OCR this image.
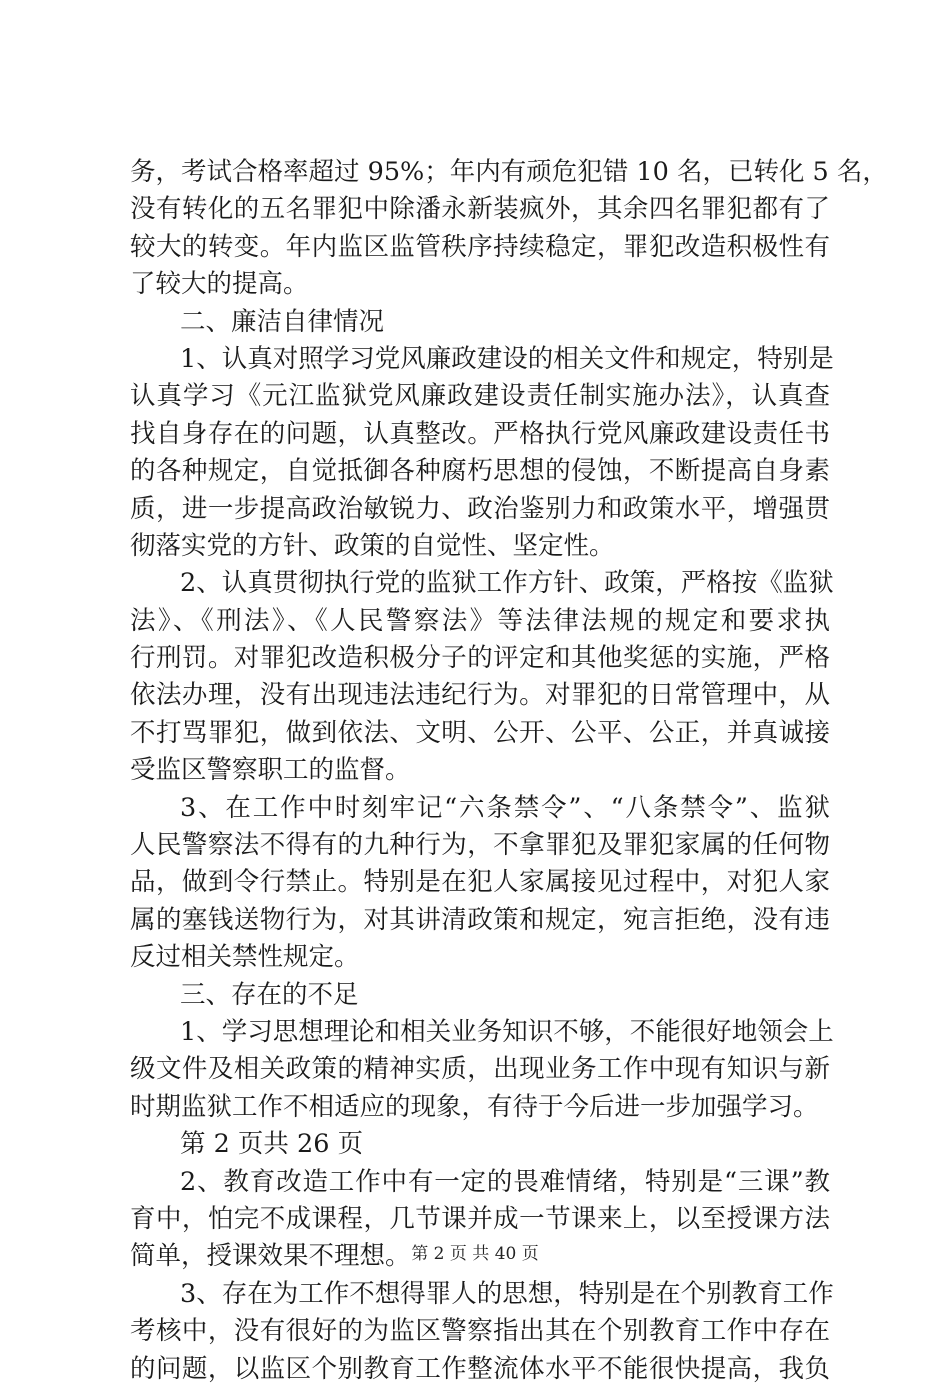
务，考试合格率超过 95%；年内有顽危犯错 10 名，已转化 5 名，
没有转化的五名罪犯中除潘永新装疯外，其余四名罪犯都有了
较大的转变。年内监区监管秩序持续稳定，罪犯改造积极性有
了较大的提高。
二、廉洁自律情况
1、认真对照学习党风廉政建设的相关文件和规定，特别是
认真学习《元江监狱党风廉政建设责任制实施办法》，认真查
找自身存在的问题，认真整改。严格执行党风廉政建设责任书
的各种规定，自觉抵御各种腐朽思想的侵蚀，不断提高自身素
质，进一步提高政治敏锐力、政治鉴别力和政策水平，增强贯
彻落实党的方针、政策的自觉性、坚定性。
2、认真贯彻执行党的监狱工作方针、政策，严格按《监狱
法》、《刑法》、《人民警察法》等法律法规的规定和要求执
行刑罚。对罪犯改造积极分子的评定和其他奖惩的实施，严格
依法办理，没有出现违法违纪行为。对罪犯的日常管理中，从
不打骂罪犯，做到依法、文明、公开、公平、公正，并真诚接
受监区警察职工的监督。
3、在工作中时刻牢记“六条禁令”、“八条禁令”、监狱
人民警察法不得有的九种行为，不拿罪犯及罪犯家属的任何物
品，做到令行禁止。特别是在犯人家属接见过程中，对犯人家
属的塞钱送物行为，对其讲清政策和规定，宛言拒绝，没有违
反过相关禁性规定。
三、存在的不足
1、学习思想理论和相关业务知识不够，不能很好地领会上
级文件及相关政策的精神实质，出现业务工作中现有知识与新
时期监狱工作不相适应的现象，有待于今后进一步加强学习。
第 2 页共 26 页
2、教育改造工作中有一定的畏难情绪，特别是“三课”教
育中，怕完不成课程，几节课并成一节课来上，以至授课方法
简单，授课效果不理想。
3、存在为工作不想得罪人的思想，特别是在个别教育工作
考核中，没有很好的为监区警察指出其在个别教育工作中存在
的问题，以监区个别教育工作整流体水平不能很快提高，我负
第 2 页 共 40 页
